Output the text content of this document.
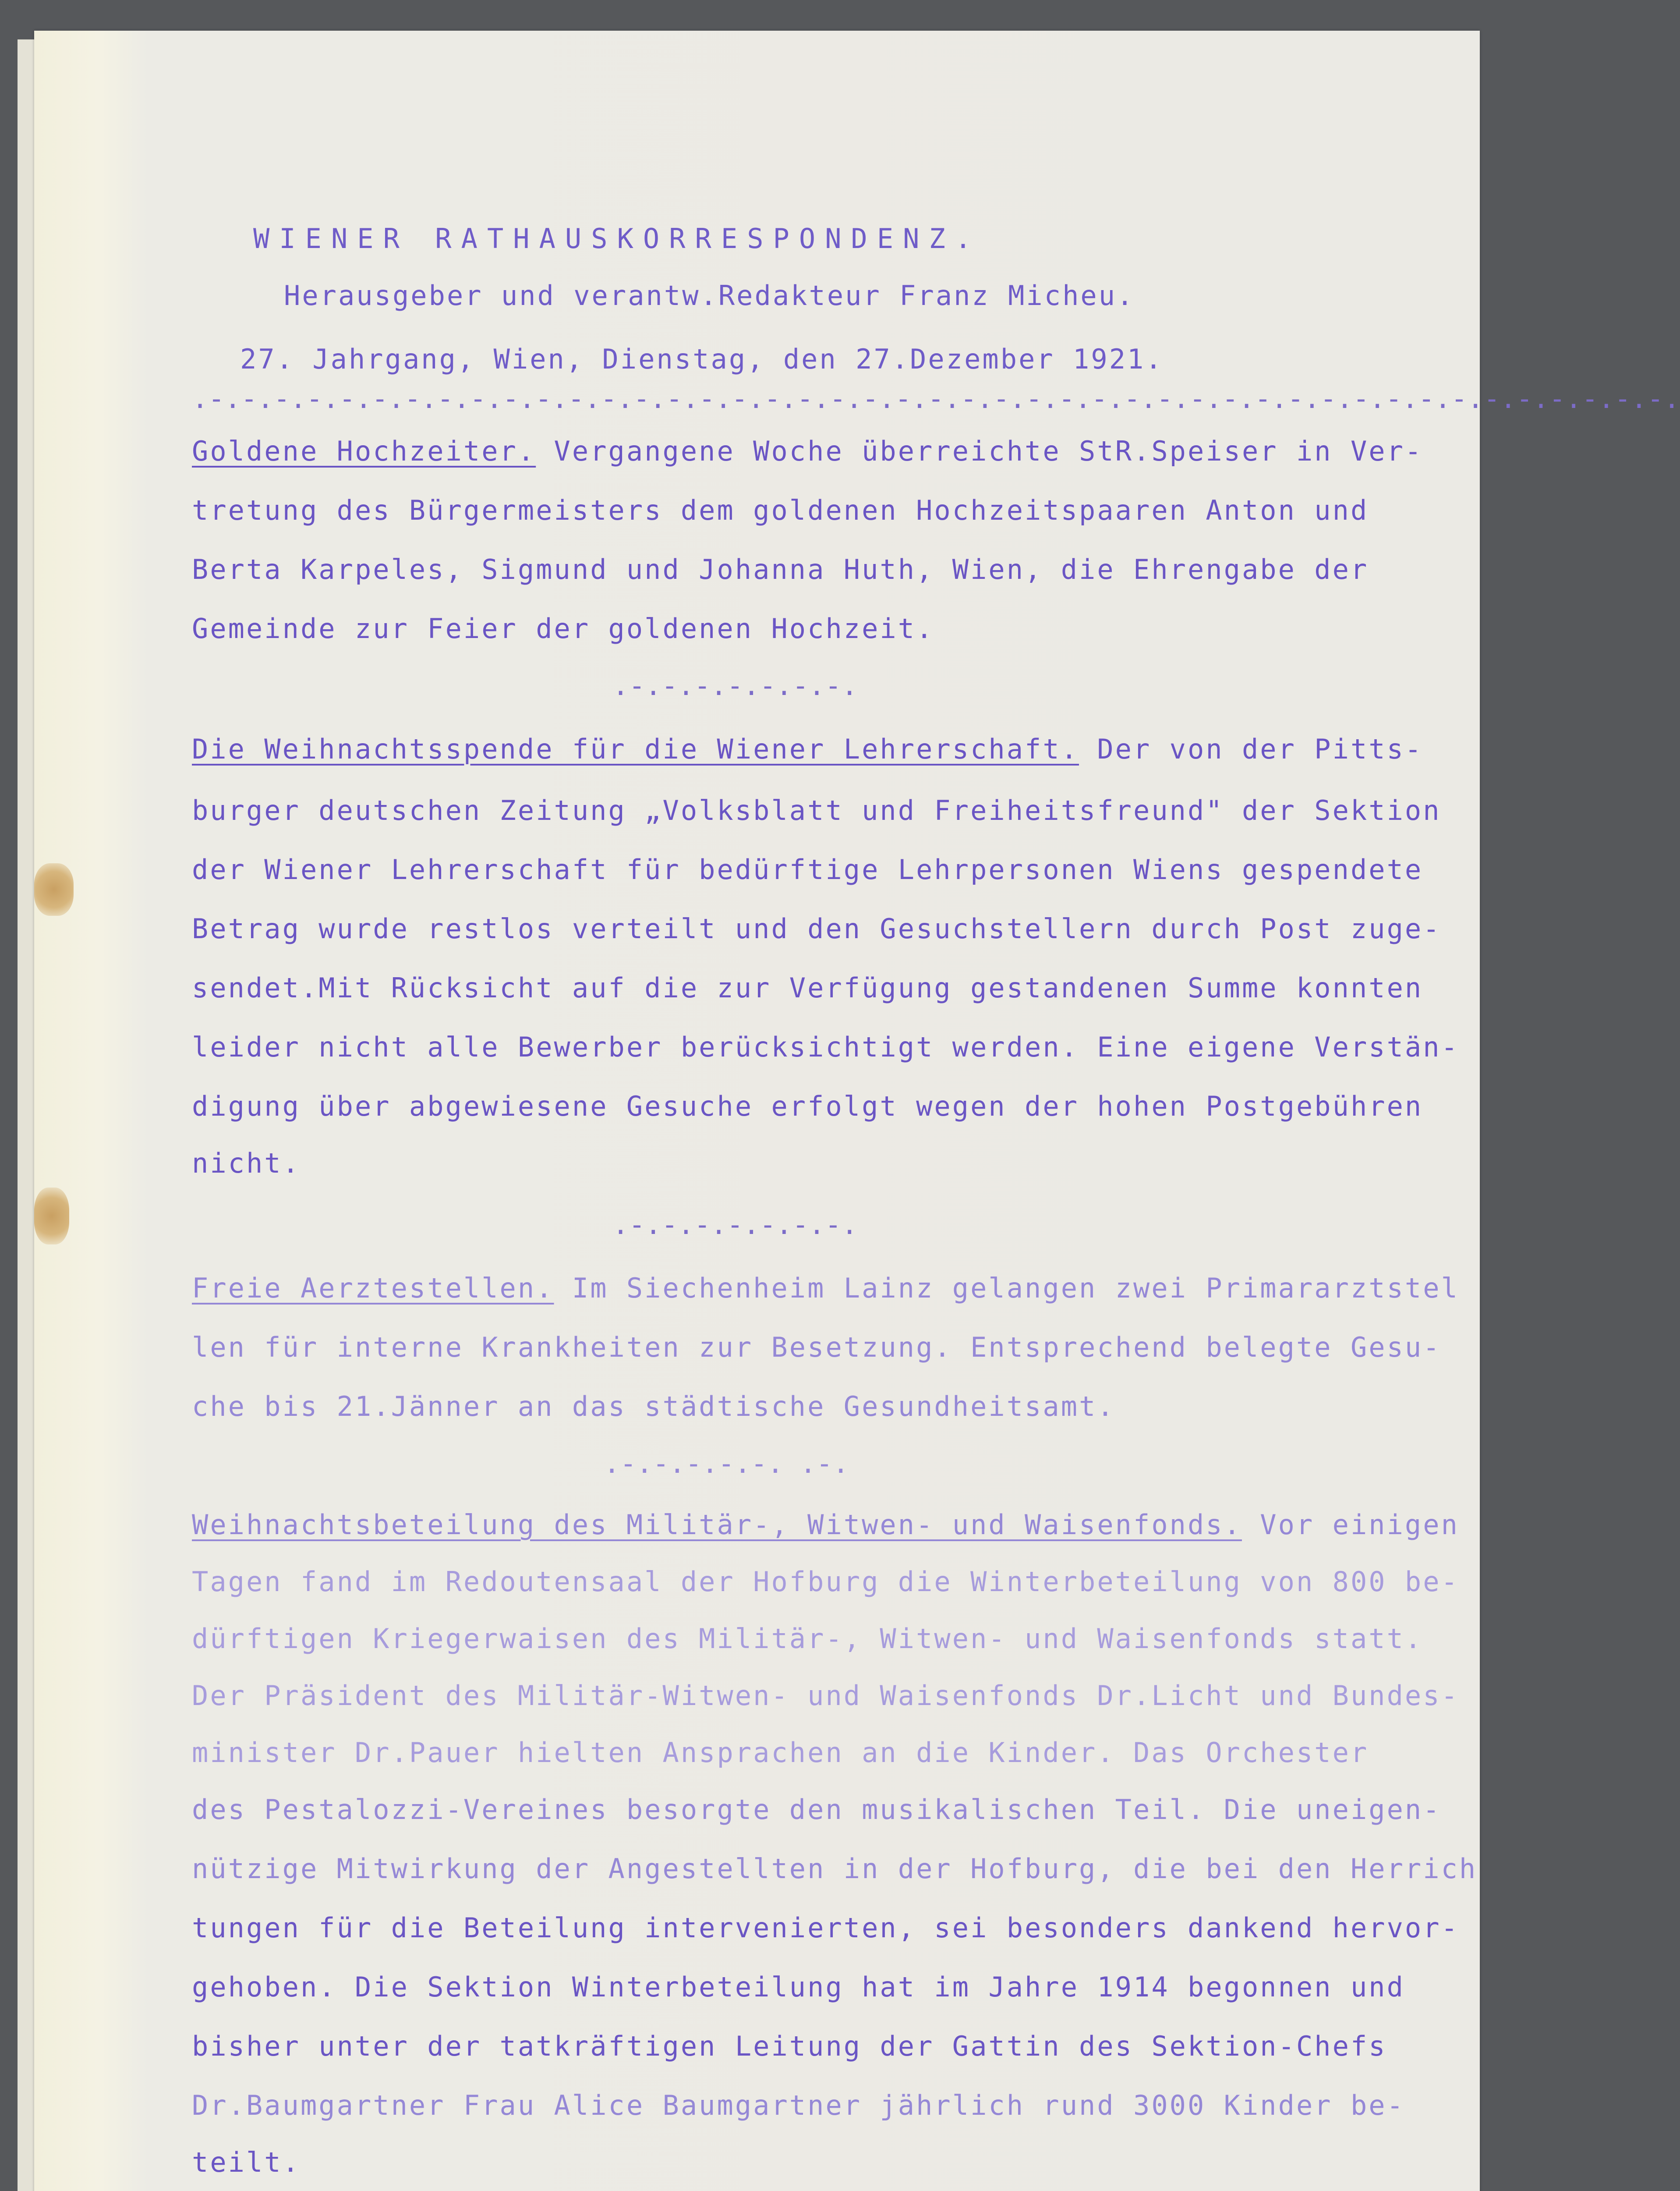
WIENER RATHAUSKORRESPONDENZ.

Herausgeber und verantw.Redakteur Franz Micheu.

27. Jahrgang, Wien, Dienstag, den 27.Dezember 1921.

.-.-.-.-.-.-.-.-.-.-.-.-.-.-.-.-.-.-.-.-.-.-.-.-.-.-.-.-.-.-.-.-.-.-.-.-.-.-.-.-.-.-.-.-.-.

Goldene Hochzeiter. Vergangene Woche überreichte StR.Speiser in Ver-

tretung des Bürgermeisters dem goldenen Hochzeitspaaren Anton und

Berta Karpeles, Sigmund und Johanna Huth, Wien, die Ehrengabe der

Gemeinde zur Feier der goldenen Hochzeit.

.-.-.-.-.-.-.-.

Die Weihnachtsspende für die Wiener Lehrerschaft. Der von der Pitts-

burger deutschen Zeitung „Volksblatt und Freiheitsfreund" der Sektion

der Wiener Lehrerschaft für bedürftige Lehrpersonen Wiens gespendete

Betrag wurde restlos verteilt und den Gesuchstellern durch Post zuge-

sendet.Mit Rücksicht auf die zur Verfügung gestandenen Summe konnten

leider nicht alle Bewerber berücksichtigt werden. Eine eigene Verstän-

digung über abgewiesene Gesuche erfolgt wegen der hohen Postgebühren

nicht.

.-.-.-.-.-.-.-.

Freie Aerztestellen. Im Siechenheim Lainz gelangen zwei Primararztstel

len für interne Krankheiten zur Besetzung. Entsprechend belegte Gesu-

che bis 21.Jänner an das städtische Gesundheitsamt.

.-.-.-.-.-. .-.

Weihnachtsbeteilung des Militär-, Witwen- und Waisenfonds. Vor einigen

Tagen fand im Redoutensaal der Hofburg die Winterbeteilung von 800 be-

dürftigen Kriegerwaisen des Militär-, Witwen- und Waisenfonds statt.

Der Präsident des Militär-Witwen- und Waisenfonds Dr.Licht und Bundes-

minister Dr.Pauer hielten Ansprachen an die Kinder. Das Orchester

des Pestalozzi-Vereines besorgte den musikalischen Teil. Die uneigen-

nützige Mitwirkung der Angestellten in der Hofburg, die bei den Herrich

tungen für die Beteilung intervenierten, sei besonders dankend hervor-

gehoben. Die Sektion Winterbeteilung hat im Jahre 1914 begonnen und

bisher unter der tatkräftigen Leitung der Gattin des Sektion-Chefs

Dr.Baumgartner Frau Alice Baumgartner jährlich rund 3000 Kinder be-

teilt.
